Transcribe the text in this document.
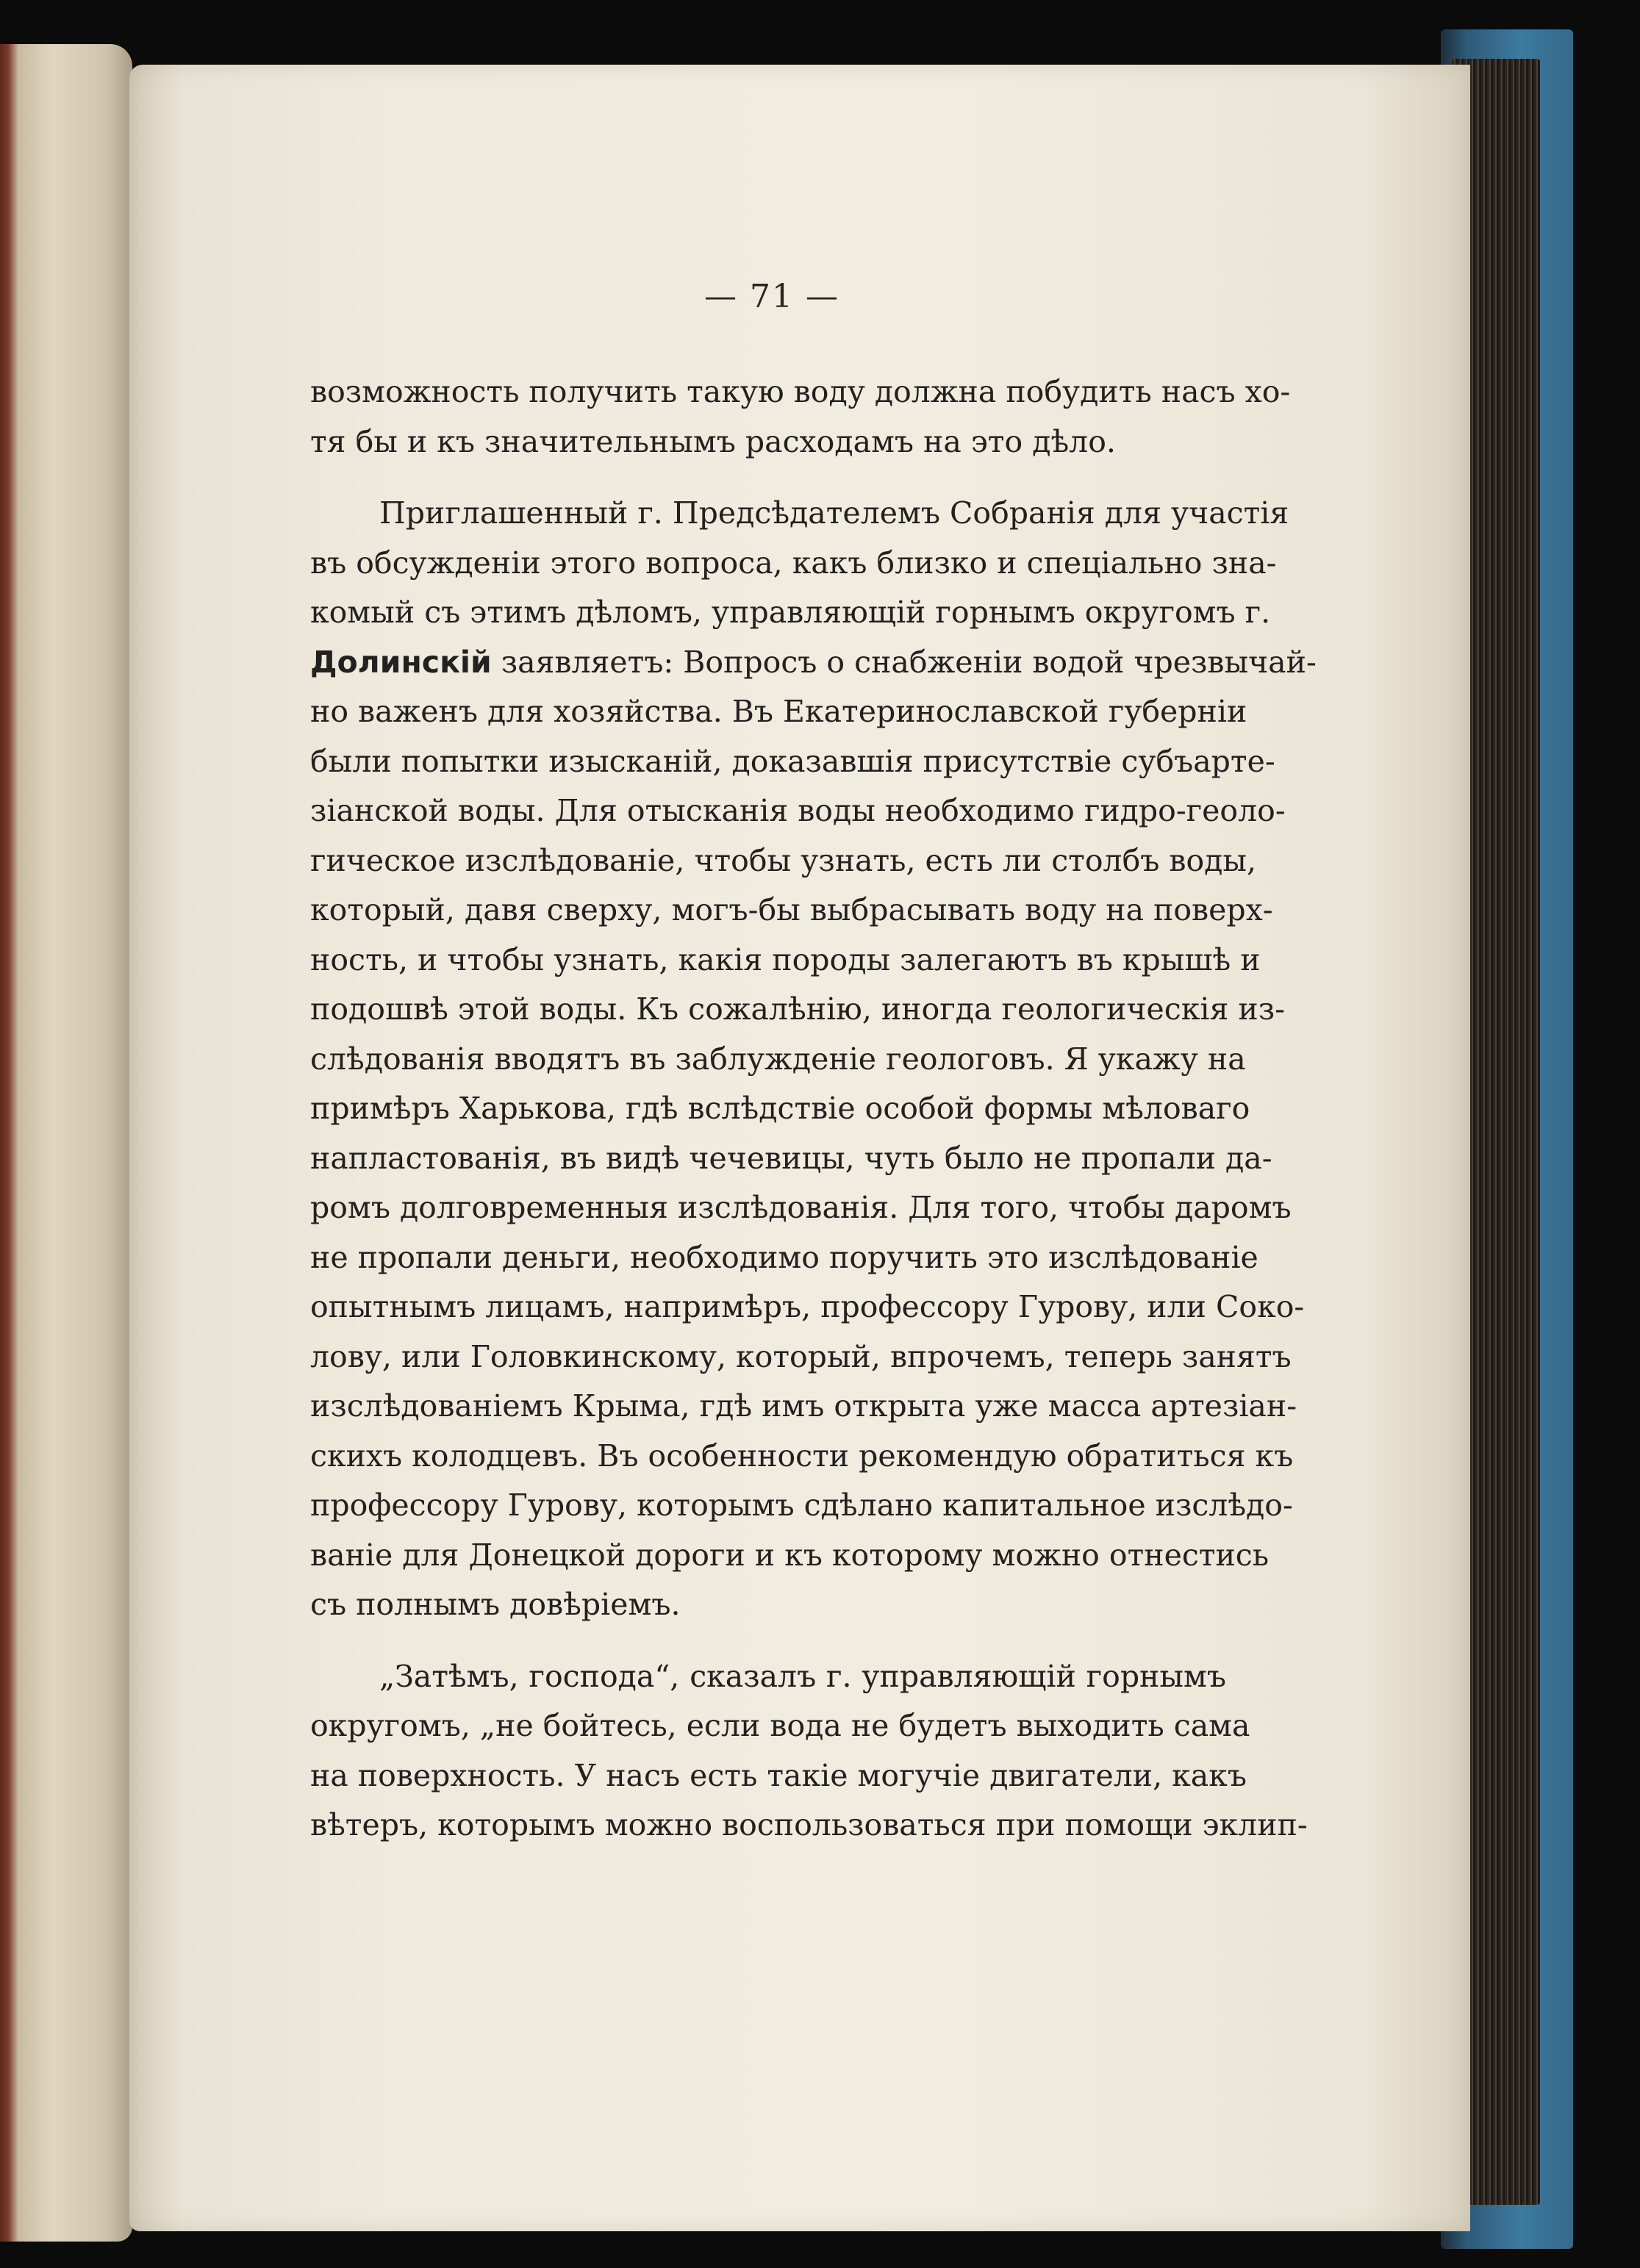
— 71 —
возможность получить такую воду должна побудить насъ хо-
тя бы и къ значительнымъ расходамъ на это дѣло.
Приглашенный г. Предсѣдателемъ Собранія для участія
въ обсужденіи этого вопроса, какъ близко и спеціально зна-
комый съ этимъ дѣломъ, управляющій горнымъ округомъ г.
Долинскій заявляетъ: Вопросъ о снабженіи водой чрезвычай-
но важенъ для хозяйства. Въ Екатеринославской губерніи
были попытки изысканій, доказавшія присутствіе субъарте-
зіанской воды. Для отысканія воды необходимо гидро-геоло-
гическое изслѣдованіе, чтобы узнать, есть ли столбъ воды,
который, давя сверху, могъ-бы выбрасывать воду на поверх-
ность, и чтобы узнать, какія породы залегаютъ въ крышѣ и
подошвѣ этой воды. Къ сожалѣнію, иногда геологическія из-
слѣдованія вводятъ въ заблужденіе геологовъ. Я укажу на
примѣръ Харькова, гдѣ вслѣдствіе особой формы мѣловаго
напластованія, въ видѣ чечевицы, чуть было не пропали да-
ромъ долговременныя изслѣдованія. Для того, чтобы даромъ
не пропали деньги, необходимо поручить это изслѣдованіе
опытнымъ лицамъ, напримѣръ, профессору Гурову, или Соко-
лову, или Головкинскому, который, впрочемъ, теперь занятъ
изслѣдованіемъ Крыма, гдѣ имъ открыта уже масса артезіан-
скихъ колодцевъ. Въ особенности рекомендую обратиться къ
профессору Гурову, которымъ сдѣлано капитальное изслѣдо-
ваніе для Донецкой дороги и къ которому можно отнестись
съ полнымъ довѣріемъ.
„Затѣмъ, господа“, сказалъ г. управляющій горнымъ
округомъ, „не бойтесь, если вода не будетъ выходить сама
на поверхность. У насъ есть такіе могучіе двигатели, какъ
вѣтеръ, которымъ можно воспользоваться при помощи эклип-
